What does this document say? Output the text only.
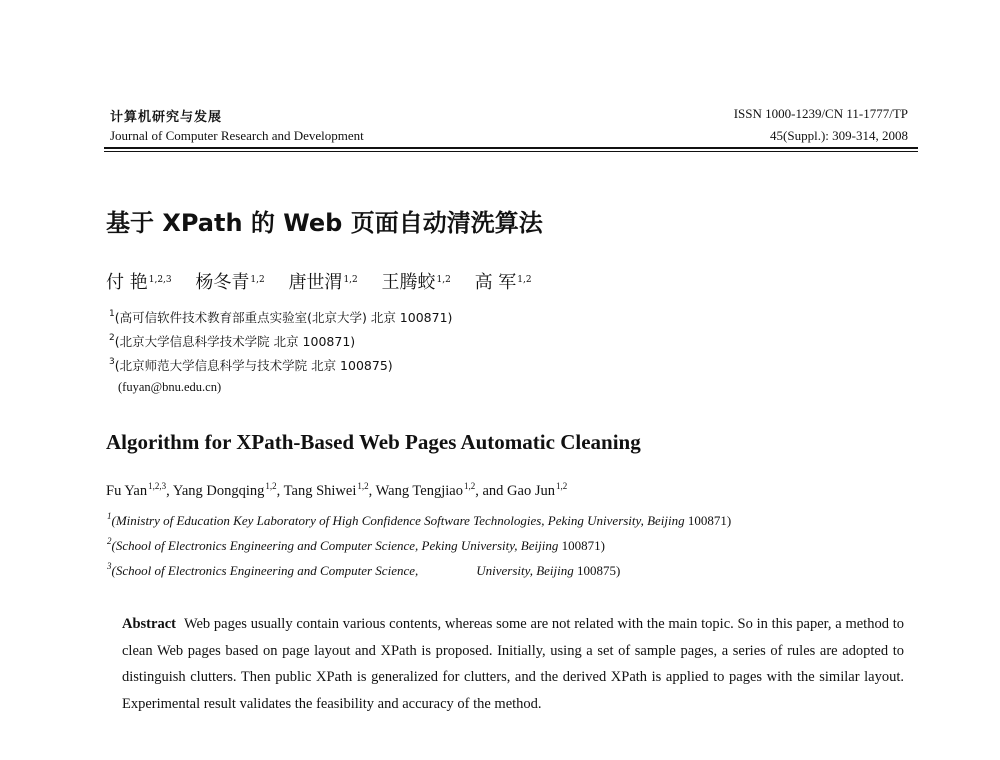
计算机研究与发展
Journal of Computer Research and Development
ISSN 1000-1239/CN 11-1777/TP
45(Suppl.): 309-314, 2008
基于 XPath 的 Web 页面自动清洗算法
付 艳$^{1,2,3}$ 杨冬青$^{1,2}$ 唐世渭$^{1,2}$ 王腾蛟$^{1,2}$ 高 军$^{1,2}$
$^1$(高可信软件技术教育部重点实验室(北京大学) 北京 100871)
$^2$(北京大学信息科学技术学院 北京 100871)
$^3$(北京师范大学信息科学与技术学院 北京 100875)
(fuyan@bnu.edu.cn)
Algorithm for XPath-Based Web Pages Automatic Cleaning
Fu Yan$^{1,2,3}$, Yang Dongqing$^{1,2}$, Tang Shiwei$^{1,2}$, Wang Tengjiao$^{1,2}$, and Gao Jun$^{1,2}$
$^1$(Ministry of Education Key Laboratory of High Confidence Software Technologies, Peking University, Beijing 100871)
$^2$(School of Electronics Engineering and Computer Science, Peking University, Beijing 100871)
$^3$(School of Electronics Engineering and Computer Science,	University, Beijing 100875)
Abstract Web pages usually contain various contents, whereas some are not related with the main topic. So in this paper, a method to clean Web pages based on page layout and XPath is proposed. Initially, using a set of sample pages, a series of rules are adopted to distinguish clutters. Then public XPath is generalized for clutters, and the derived XPath is applied to pages with the similar layout. Experimental result validates the feasibility and accuracy of the method.
